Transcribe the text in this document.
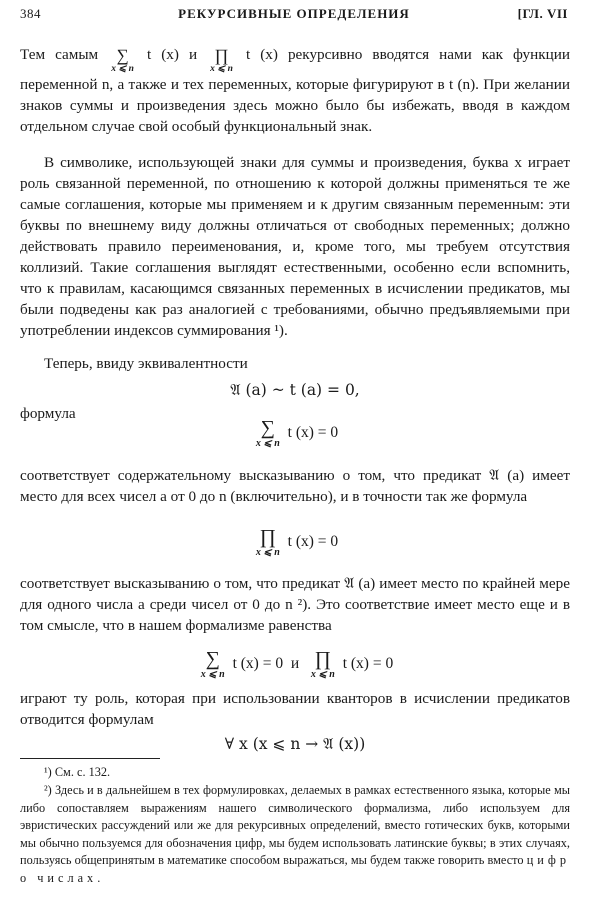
384	РЕКУРСИВНЫЕ ОПРЕДЕЛЕНИЯ	[ГЛ. VII
Тем самым	∑
x ⩽ n
t (x) и ∏
x ⩽ n
t (x) рекурсивно вводятся нами как функции переменной n, а также и тех переменных, которые фигурируют в t (n). При желании знаков суммы и произведения здесь можно было бы избежать, вводя в каждом отдельном случае свой особый функциональный знак.
В символике, использующей знаки для суммы и произведения, буква x играет роль связанной переменной, по отношению к которой должны применяться те же самые соглашения, которые мы применяем и к другим связанным переменным: эти буквы по внешнему виду должны отличаться от свободных переменных; должно действовать правило переименования, и, кроме того, мы требуем отсутствия коллизий. Такие соглашения выглядят естественными, особенно если вспомнить, что к правилам, касающимся связанных переменных в исчислении предикатов, мы были подведены как раз аналогией с требованиями, обычно предъявляемыми при употреблении индексов суммирования ¹).
Теперь, ввиду эквивалентности
𝔄 (a) ~ t (a) = 0,
формула
∑
x ⩽ n
t (x) = 0
соответствует содержательному высказыванию о том, что предикат 𝔄 (a) имеет место для всех чисел a от 0 до n (включительно), и в точности так же формула
∏
x ⩽ n
t (x) = 0
соответствует высказыванию о том, что предикат 𝔄 (a) имеет место по крайней мере для одного числа a среди чисел от 0 до n ²). Это соответствие имеет место еще и в том смысле, что в нашем формализме равенства
∑
x ⩽ n
t (x) = 0 и ∏
x ⩽ n
t (x) = 0
играют ту роль, которая при использовании кванторов в исчислении предикатов отводится формулам
∀ x (x ⩽ n → 𝔄 (x))
¹) См. с. 132.
²) Здесь и в дальнейшем в тех формулировках, делаемых в рамках естественного языка, которые мы либо сопоставляем выражениям нашего символического формализма, либо используем для эвристических рассуждений или же для рекурсивных определений, вместо готических букв, которыми мы обычно пользуемся для обозначения цифр, мы будем использовать латинские буквы; в этих случаях, пользуясь общепринятым в математике способом выражаться, мы будем также говорить вместо цифр о числах.
